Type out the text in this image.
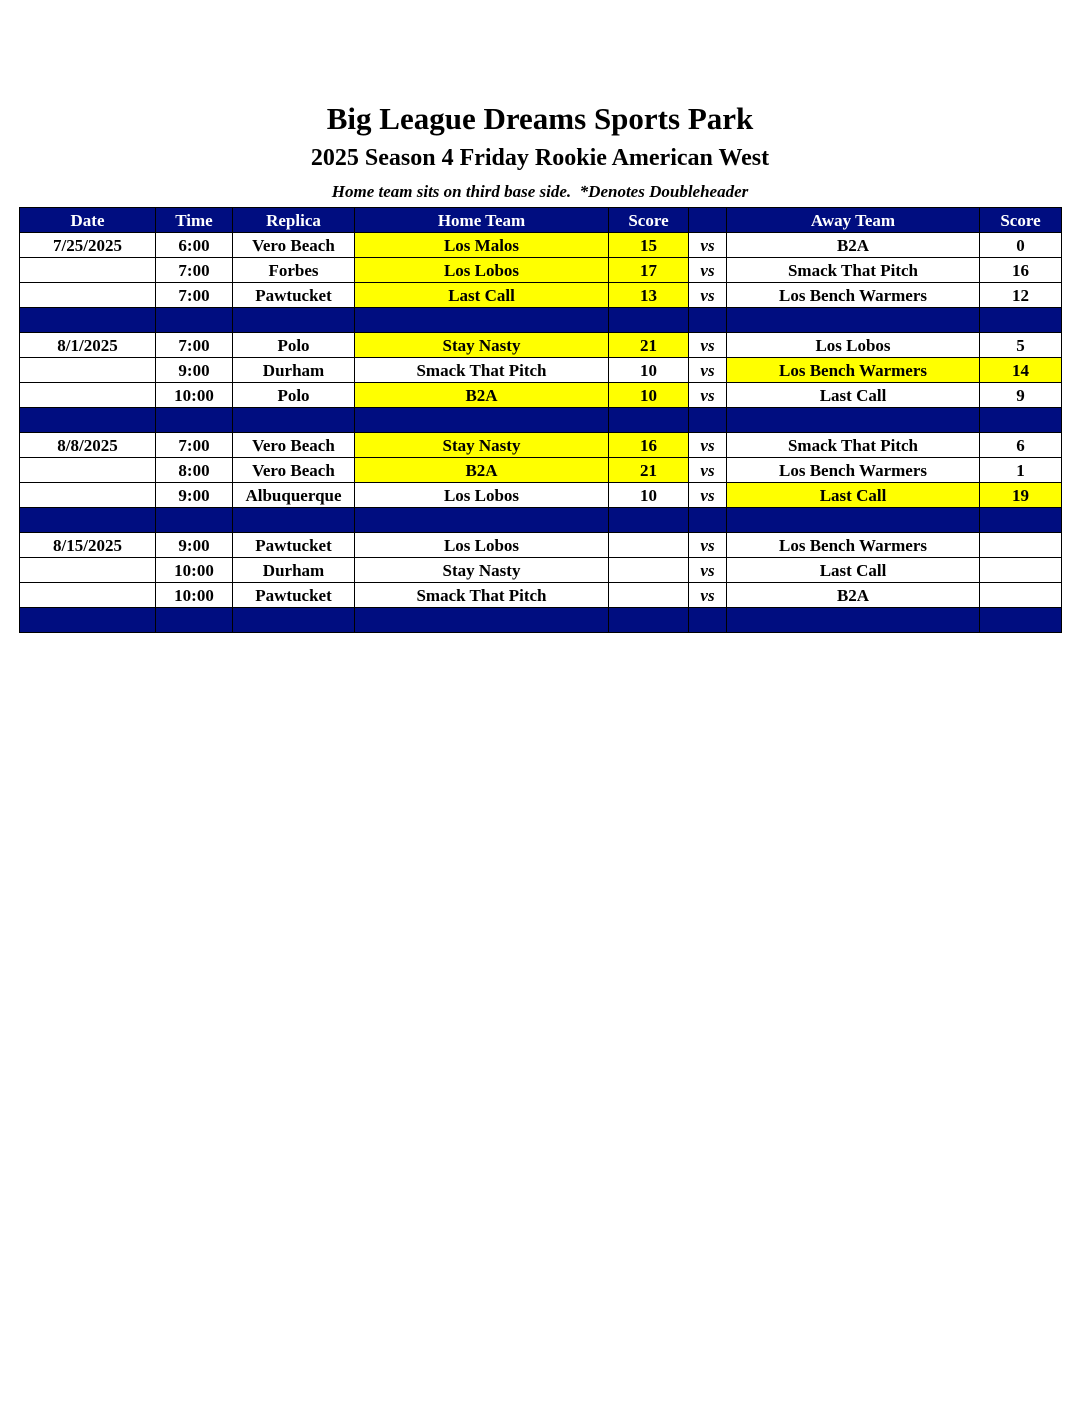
Big League Dreams Sports Park
2025 Season 4 Friday Rookie American West
Home team sits on third base side.  *Denotes Doubleheader
Date	Time	Replica	Home Team	Score		Away Team	Score
7/25/2025	6:00	Vero Beach	Los Malos	15	vs	B2A	0
	7:00	Forbes	Los Lobos	17	vs	Smack That Pitch	16
	7:00	Pawtucket	Last Call	13	vs	Los Bench Warmers	12

8/1/2025	7:00	Polo	Stay Nasty	21	vs	Los Lobos	5
	9:00	Durham	Smack That Pitch	10	vs	Los Bench Warmers	14
	10:00	Polo	B2A	10	vs	Last Call	9

8/8/2025	7:00	Vero Beach	Stay Nasty	16	vs	Smack That Pitch	6
	8:00	Vero Beach	B2A	21	vs	Los Bench Warmers	1
	9:00	Albuquerque	Los Lobos	10	vs	Last Call	19

8/15/2025	9:00	Pawtucket	Los Lobos		vs	Los Bench Warmers	
	10:00	Durham	Stay Nasty		vs	Last Call	
	10:00	Pawtucket	Smack That Pitch		vs	B2A	
